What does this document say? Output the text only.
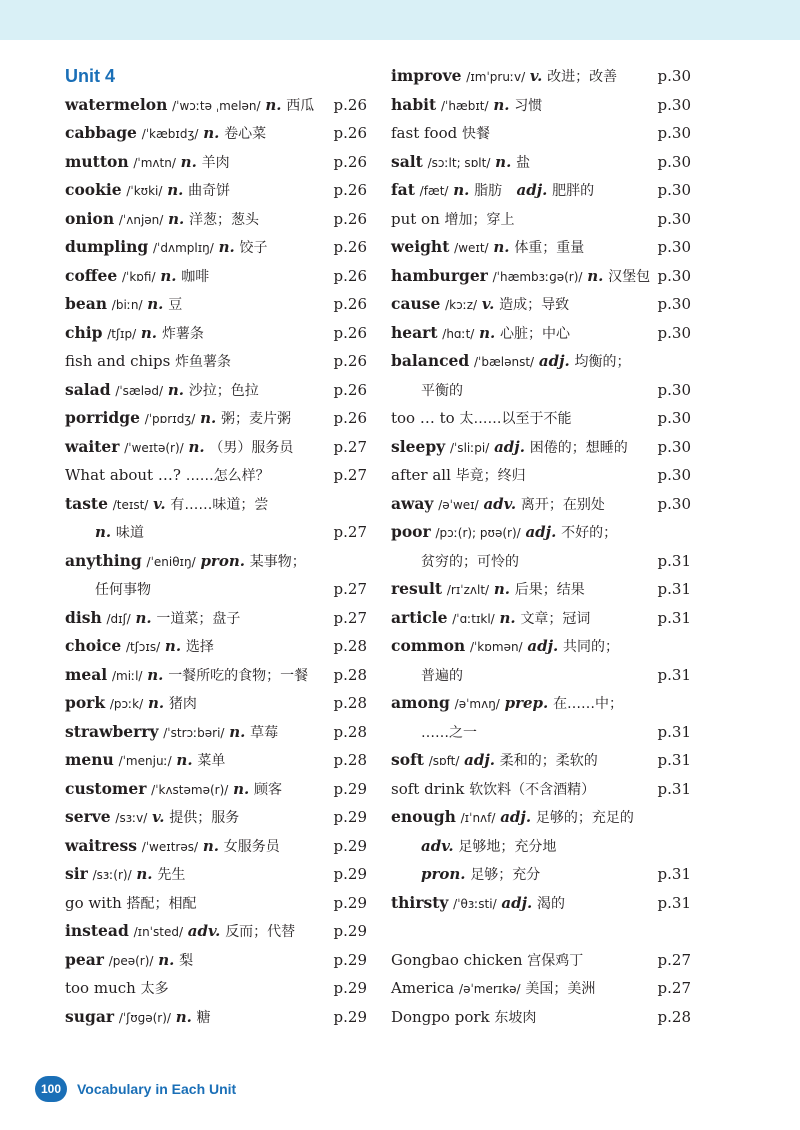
Unit 4
watermelon /ˈwɔːtə ˌmelən/ n. 西瓜 p.26
cabbage /ˈkæbɪdʒ/ n. 卷心菜	p.26
mutton /ˈmʌtn/ n. 羊肉	p.26
cookie /ˈkʊki/ n. 曲奇饼	p.26
onion /ˈʌnjən/ n. 洋葱；葱头	p.26
dumpling /ˈdʌmplɪŋ/ n. 饺子	p.26
coffee /ˈkɒfi/ n. 咖啡	p.26
bean /biːn/ n. 豆	p.26
chip /tʃɪp/ n. 炸薯条	p.26
fish and chips 炸鱼薯条	p.26
salad /ˈsæləd/ n. 沙拉；色拉	p.26
porridge /ˈpɒrɪdʒ/ n. 粥；麦片粥	p.26
waiter /ˈweɪtə(r)/ n. （男）服务员	p.27
What about …? ……怎么样？	p.27
taste /teɪst/ v. 有……味道；尝
n. 味道	p.27
anything /ˈeniθɪŋ/ pron. 某事物；
任何事物	p.27
dish /dɪʃ/ n. 一道菜；盘子	p.27
choice /tʃɔɪs/ n. 选择	p.28
meal /miːl/ n. 一餐所吃的食物；一餐 p.28
pork /pɔːk/ n. 猪肉	p.28
strawberry /ˈstrɔːbəri/ n. 草莓	p.28
menu /ˈmenjuː/ n. 菜单	p.28
customer /ˈkʌstəmə(r)/ n. 顾客	p.29
serve /sɜːv/ v. 提供；服务	p.29
waitress /ˈweɪtrəs/ n. 女服务员	p.29
sir /sɜː(r)/ n. 先生	p.29
go with 搭配；相配	p.29
instead /ɪnˈsted/ adv. 反而；代替	p.29
pear /peə(r)/ n. 梨	p.29
too much 太多	p.29
sugar /ˈʃʊɡə(r)/ n. 糖	p.29
improve /ɪmˈpruːv/ v. 改进；改善	p.30
habit /ˈhæbɪt/ n. 习惯	p.30
fast food 快餐	p.30
salt /sɔːlt; sɒlt/ n. 盐	p.30
fat /fæt/ n. 脂肪 adj. 肥胖的	p.30
put on 增加；穿上	p.30
weight /weɪt/ n. 体重；重量	p.30
hamburger /ˈhæmbɜːɡə(r)/ n. 汉堡包 p.30
cause /kɔːz/ v. 造成；导致	p.30
heart /hɑːt/ n. 心脏；中心	p.30
balanced /ˈbælənst/ adj. 均衡的；
平衡的	p.30
too … to 太……以至于不能	p.30
sleepy /ˈsliːpi/ adj. 困倦的；想睡的 p.30
after all 毕竟；终归	p.30
away /əˈweɪ/ adv. 离开；在别处	p.30
poor /pɔː(r); pʊə(r)/ adj. 不好的；
贫穷的；可怜的	p.31
result /rɪˈzʌlt/ n. 后果；结果	p.31
article /ˈɑːtɪkl/ n. 文章；冠词	p.31
common /ˈkɒmən/ adj. 共同的；
普遍的	p.31
among /əˈmʌŋ/ prep. 在……中；
……之一	p.31
soft /sɒft/ adj. 柔和的；柔软的	p.31
soft drink 软饮料（不含酒精）	p.31
enough /ɪˈnʌf/ adj. 足够的；充足的
adv. 足够地；充分地
pron. 足够；充分	p.31
thirsty /ˈθɜːsti/ adj. 渴的	p.31
Gongbao chicken 宫保鸡丁	p.27
America /əˈmerɪkə/ 美国；美洲	p.27
Dongpo pork 东坡肉	p.28
100	Vocabulary in Each Unit
